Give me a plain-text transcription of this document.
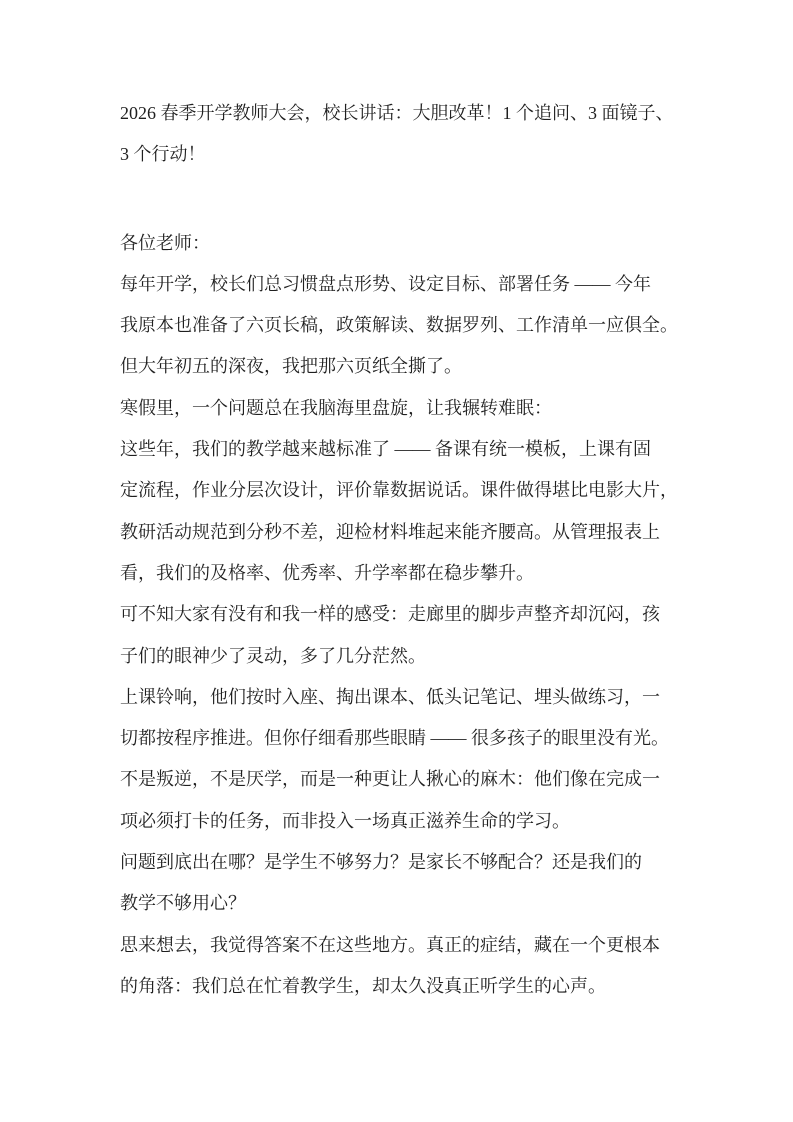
2026 春季开学教师大会，校长讲话：大胆改革！1 个追问、3 面镜子、
3 个行动！
各位老师：
每年开学，校长们总习惯盘点形势、设定目标、部署任务 —— 今年
我原本也准备了六页长稿，政策解读、数据罗列、工作清单一应俱全。
但大年初五的深夜，我把那六页纸全撕了。
寒假里，一个问题总在我脑海里盘旋，让我辗转难眠：
这些年，我们的教学越来越标准了 —— 备课有统一模板，上课有固
定流程，作业分层次设计，评价靠数据说话。课件做得堪比电影大片，
教研活动规范到分秒不差，迎检材料堆起来能齐腰高。从管理报表上
看，我们的及格率、优秀率、升学率都在稳步攀升。
可不知大家有没有和我一样的感受：走廊里的脚步声整齐却沉闷，孩
子们的眼神少了灵动，多了几分茫然。
上课铃响，他们按时入座、掏出课本、低头记笔记、埋头做练习，一
切都按程序推进。但你仔细看那些眼睛 —— 很多孩子的眼里没有光。
不是叛逆，不是厌学，而是一种更让人揪心的麻木：他们像在完成一
项必须打卡的任务，而非投入一场真正滋养生命的学习。
问题到底出在哪？是学生不够努力？是家长不够配合？还是我们的
教学不够用心？
思来想去，我觉得答案不在这些地方。真正的症结，藏在一个更根本
的角落：我们总在忙着教学生，却太久没真正听学生的心声。
